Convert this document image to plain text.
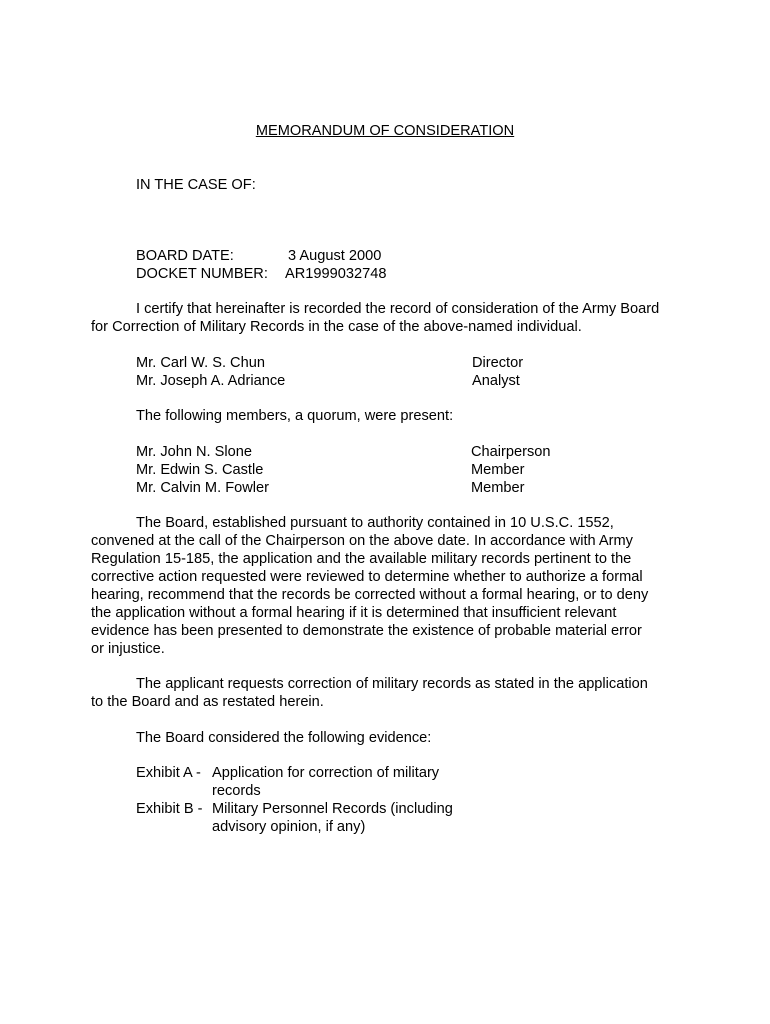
MEMORANDUM OF CONSIDERATION
IN THE CASE OF:
BOARD DATE:	3 August 2000
DOCKET NUMBER: AR1999032748
I certify that hereinafter is recorded the record of consideration of the Army Board
for Correction of Military Records in the case of the above-named individual.
Mr. Carl W. S. Chun	Director
Mr. Joseph A. Adriance	Analyst
The following members, a quorum, were present:
Mr. John N. Slone	Chairperson
Mr. Edwin S. Castle	Member
Mr. Calvin M. Fowler	Member
The Board, established pursuant to authority contained in 10 U.S.C. 1552,
convened at the call of the Chairperson on the above date. In accordance with Army
Regulation 15-185, the application and the available military records pertinent to the
corrective action requested were reviewed to determine whether to authorize a formal
hearing, recommend that the records be corrected without a formal hearing, or to deny
the application without a formal hearing if it is determined that insufficient relevant
evidence has been presented to demonstrate the existence of probable material error
or injustice.
The applicant requests correction of military records as stated in the application
to the Board and as restated herein.
The Board considered the following evidence:
Exhibit A - Application for correction of military
records
Exhibit B - Military Personnel Records (including
advisory opinion, if any)
